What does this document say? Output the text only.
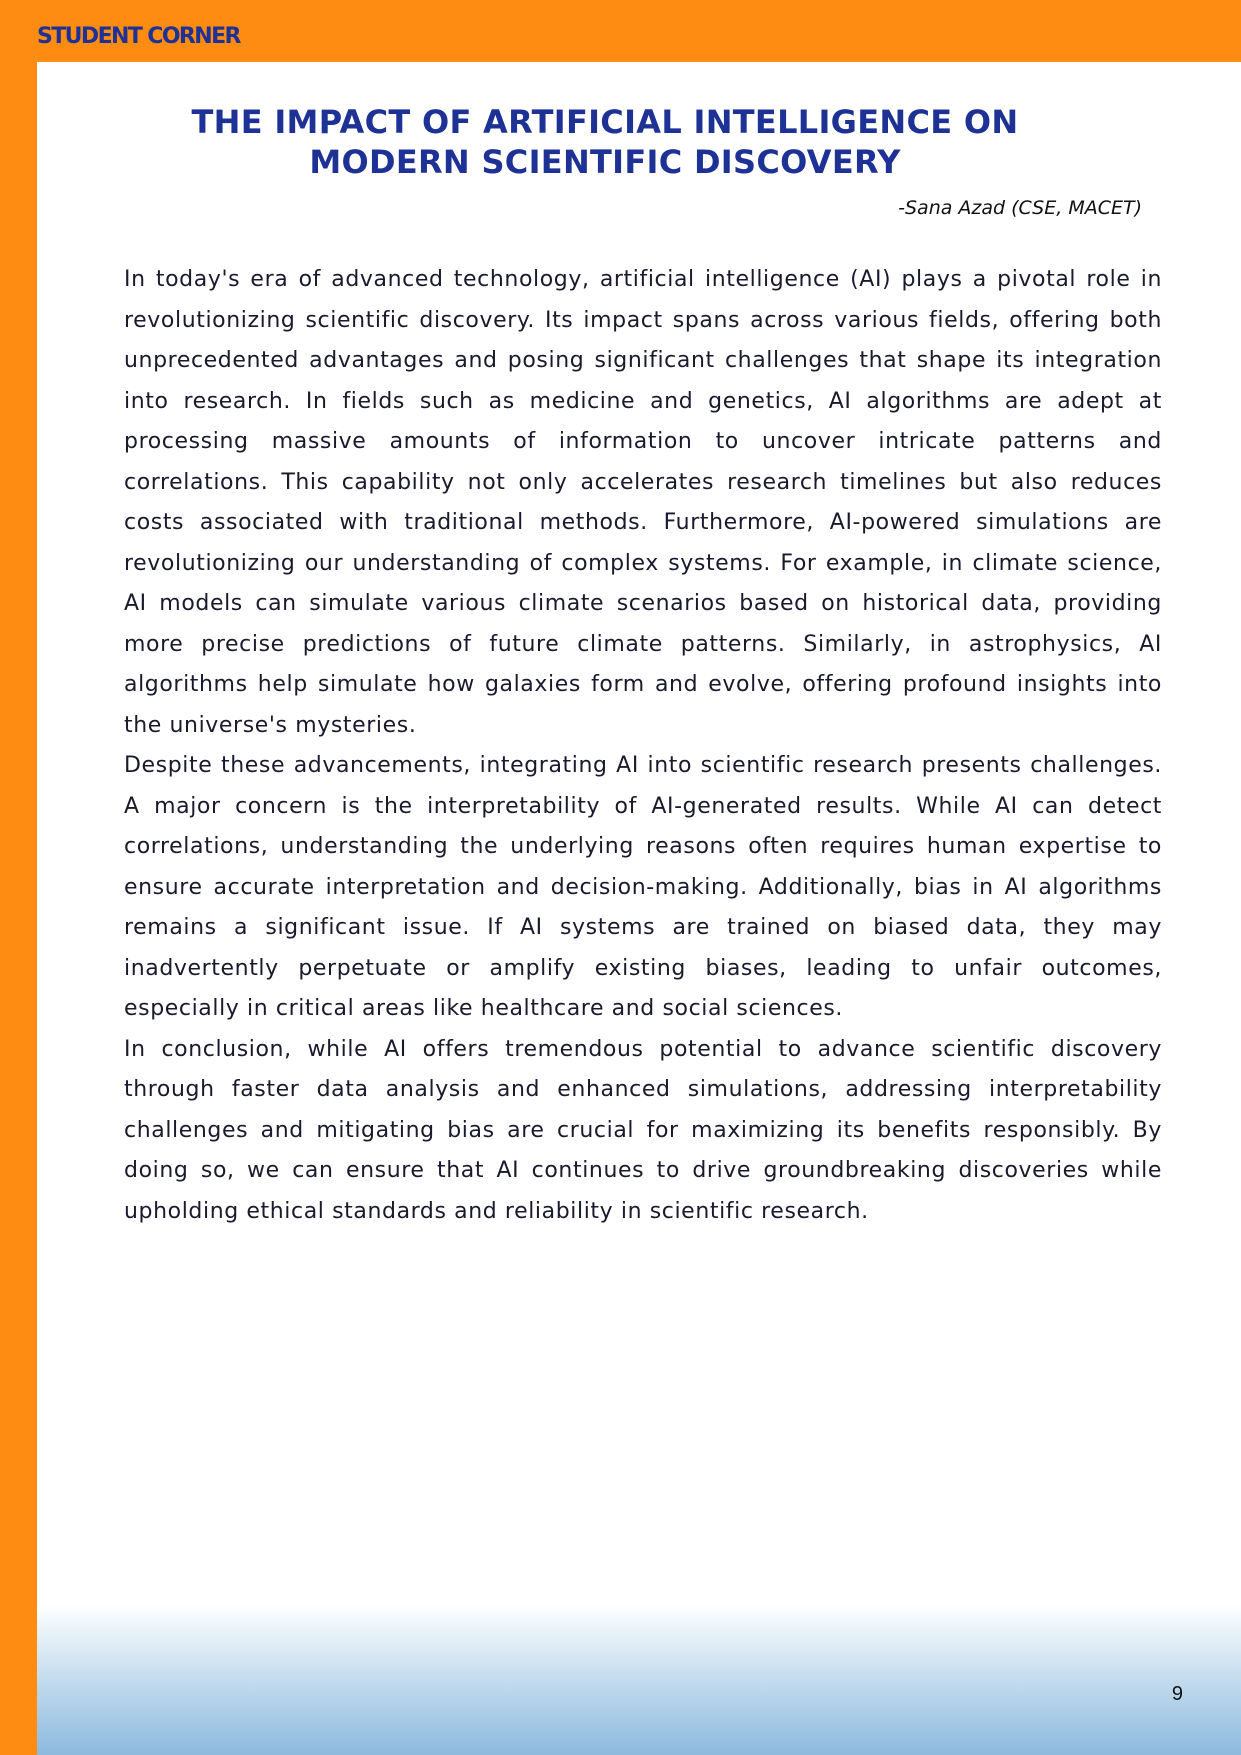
STUDENT CORNER
THE IMPACT OF ARTIFICIAL INTELLIGENCE ON MODERN SCIENTIFIC DISCOVERY
-Sana Azad (CSE, MACET)

In today's era of advanced technology, artificial intelligence (AI) plays a pivotal role in revolutionizing scientific discovery. Its impact spans across various fields, offering both unprecedented advantages and posing significant challenges that shape its integration into research. In fields such as medicine and genetics, AI algorithms are adept at processing massive amounts of information to uncover intricate patterns and correlations. This capability not only accelerates research timelines but also reduces costs associated with traditional methods. Furthermore, AI-powered simulations are revolutionizing our understanding of complex systems. For example, in climate science, AI models can simulate various climate scenarios based on historical data, providing more precise predictions of future climate patterns. Similarly, in astrophysics, AI algorithms help simulate how galaxies form and evolve, offering profound insights into the universe's mysteries.

Despite these advancements, integrating AI into scientific research presents challenges. A major concern is the interpretability of AI-generated results. While AI can detect correlations, understanding the underlying reasons often requires human expertise to ensure accurate interpretation and decision-making. Additionally, bias in AI algorithms remains a significant issue. If AI systems are trained on biased data, they may inadvertently perpetuate or amplify existing biases, leading to unfair outcomes, especially in critical areas like healthcare and social sciences.

In conclusion, while AI offers tremendous potential to advance scientific discovery through faster data analysis and enhanced simulations, addressing interpretability challenges and mitigating bias are crucial for maximizing its benefits responsibly. By doing so, we can ensure that AI continues to drive groundbreaking discoveries while upholding ethical standards and reliability in scientific research.

9
